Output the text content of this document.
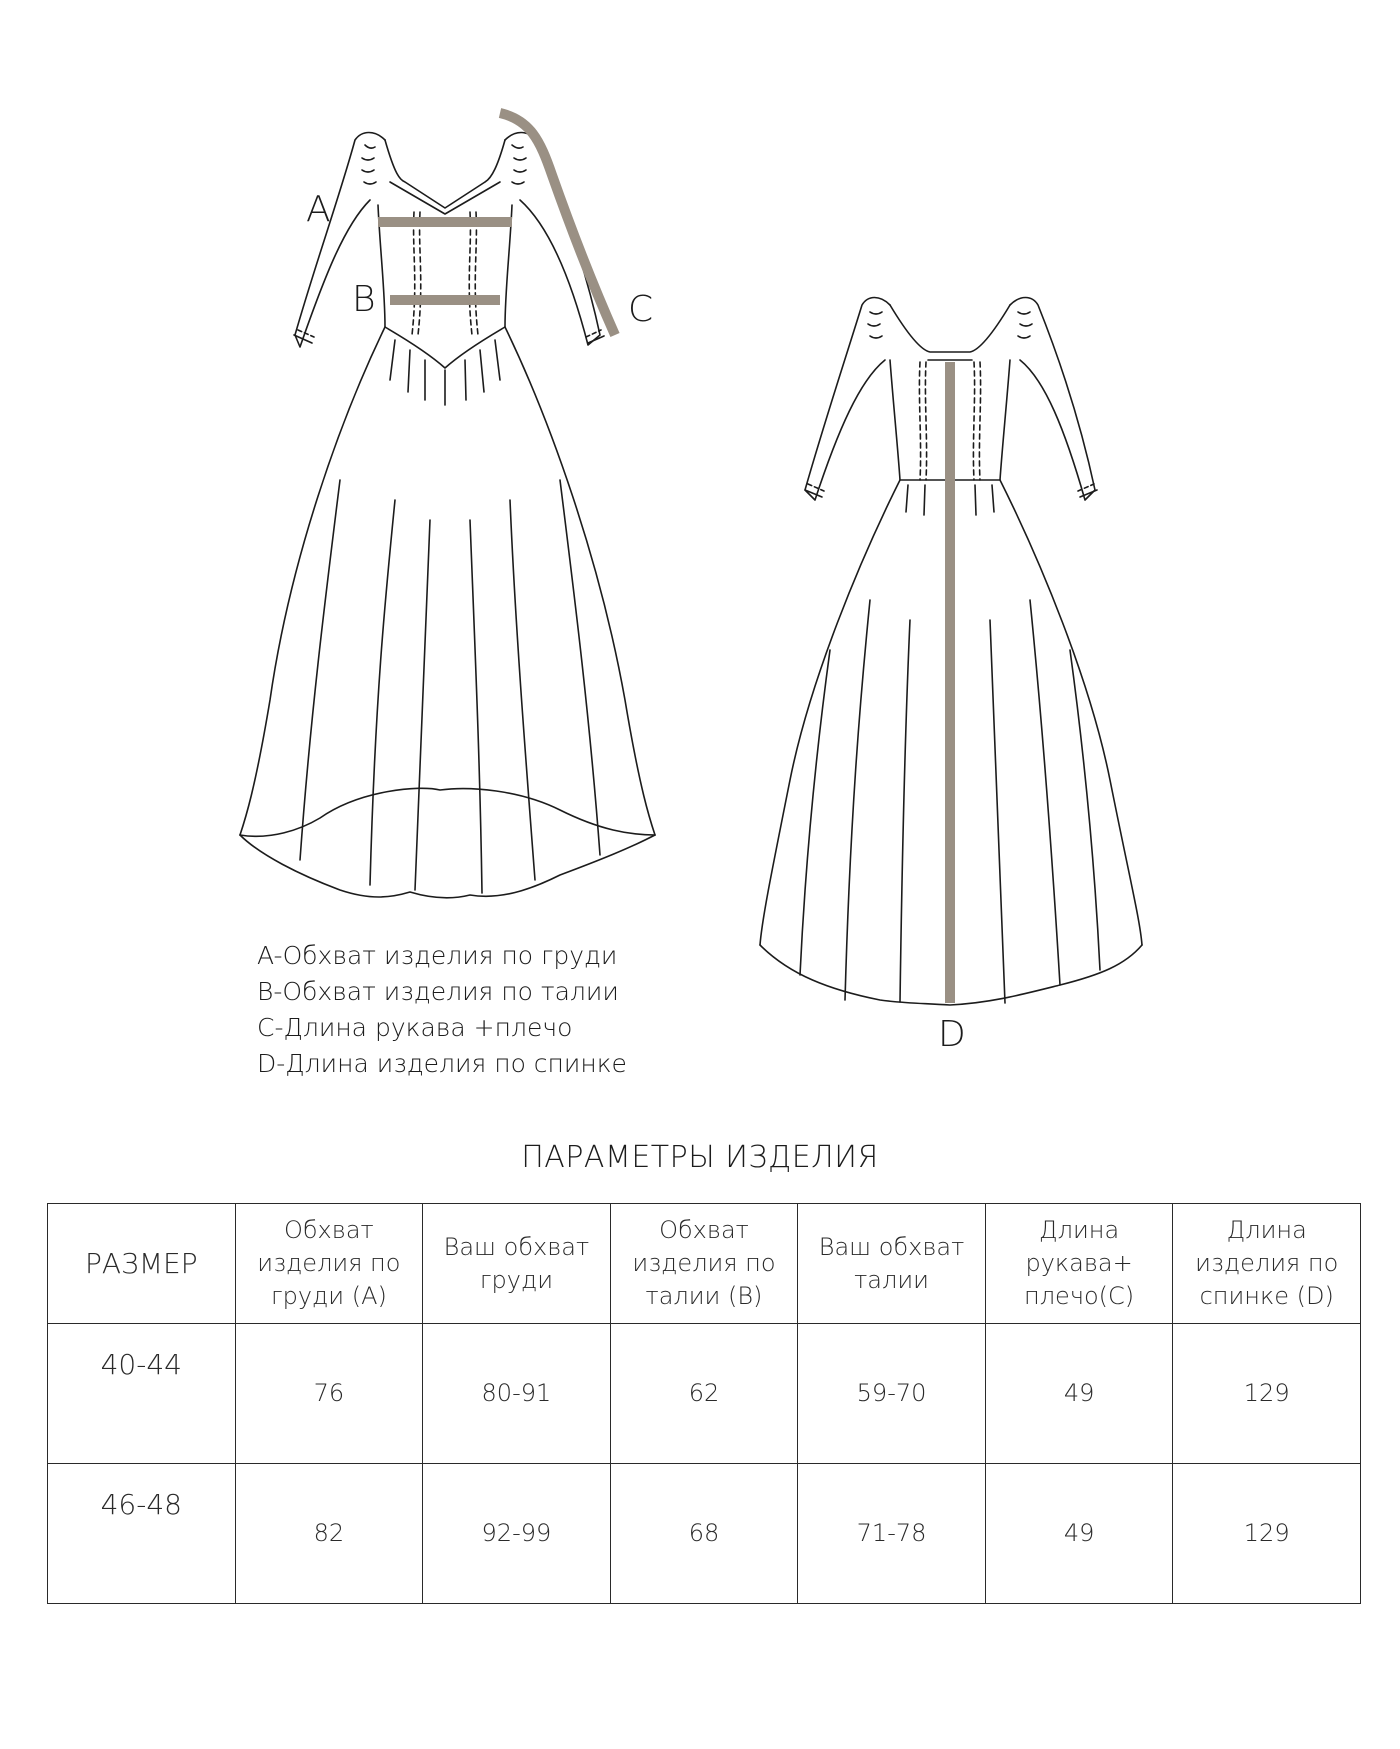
A
B	C
D
A-Обхват изделия по груди
B-Обхват изделия по талии
C-Длина рукава +плечо
D-Длина изделия по спинке
ПАРАМЕТРЫ ИЗДЕЛИЯ
РАЗМЕР	Обхват изделия по груди (A)	Ваш обхват груди	Обхват изделия по талии (B)	Ваш обхват талии	Длина рукава+ плечо(C)	Длина изделия по спинке (D)
40-44	76	80-91	62	59-70	49	129
46-48	82	92-99	68	71-78	49	129
